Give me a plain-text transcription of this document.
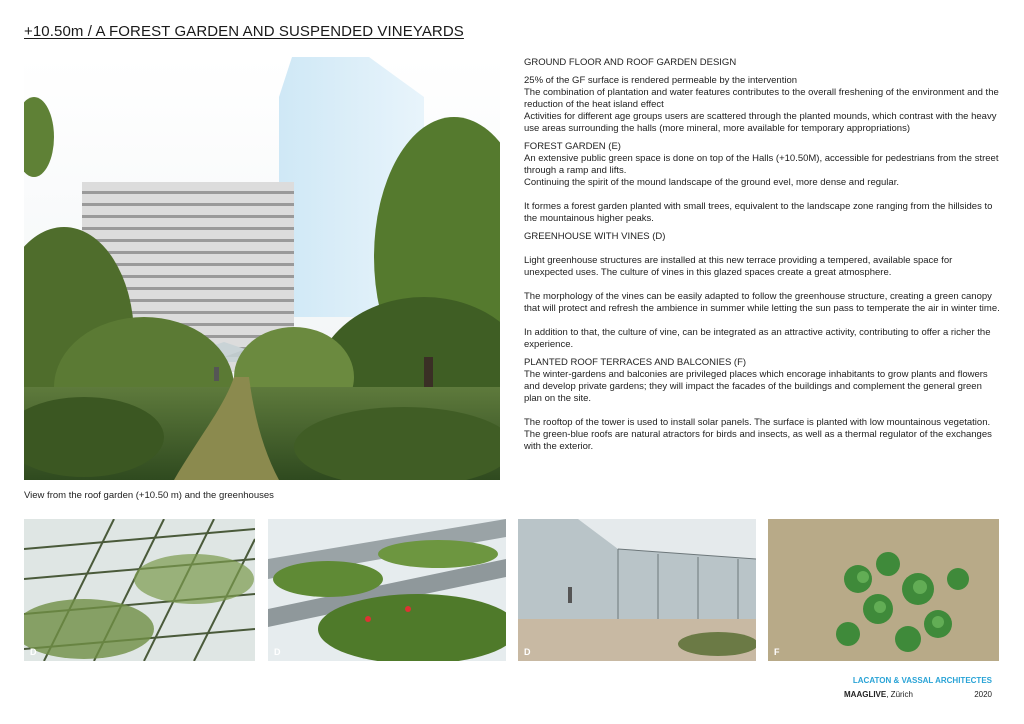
+10.50m / A FOREST GARDEN AND SUSPENDED VINEYARDS
View from the roof garden (+10.50 m) and the greenhouses
GROUND FLOOR AND ROOF GARDEN DESIGN

25% of the GF surface is rendered permeable by the intervention

The combination of plantation and water features contributes to the overall freshening of the environment and the reduction of the heat island effect

Activities for different age groups users are scattered through the planted mounds, which contrast with the heavy use areas surrounding the halls (more mineral, more available for temporary appropriations)

FOREST GARDEN (E)

An extensive public green space is done on top of the Halls (+10.50M), accessible for pedestrians from the street through a ramp and lifts.

Continuing the spirit of the mound landscape of the ground evel, more dense and regular.

It formes a forest garden planted with small trees, equivalent to the landscape zone ranging from the hillsides to the mountainous higher peaks.

GREENHOUSE WITH VINES (D)

Light greenhouse structures are installed at this new terrace providing a tempered, available space for unexpected uses. The culture of vines in this glazed spaces create a great atmosphere.

The morphology of the vines can be easily adapted to follow the greenhouse structure, creating a green canopy that will protect and refresh the ambience in summer while letting the sun pass to temperate the air in winter time.

In addition to that, the culture of vine, can be integrated as an attractive activity, contributing to offer a richer the experience.

PLANTED ROOF TERRACES AND BALCONIES (F)

The winter-gardens and balconies are privileged places which encorage inhabitants to grow plants and flowers and develop private gardens; they will impact the facades of the buildings and complement the general green plan on the site.

The rooftop of the tower is used to install solar panels. The surface is planted with low mountainous vegetation.

The green-blue roofs are natural atractors for birds and insects, as well as a thermal regulator of the exchanges with the exterior.

D	D	D	F
LACATON & VASSAL ARCHITECTES
MAAGLIVE, Zürich	2020
